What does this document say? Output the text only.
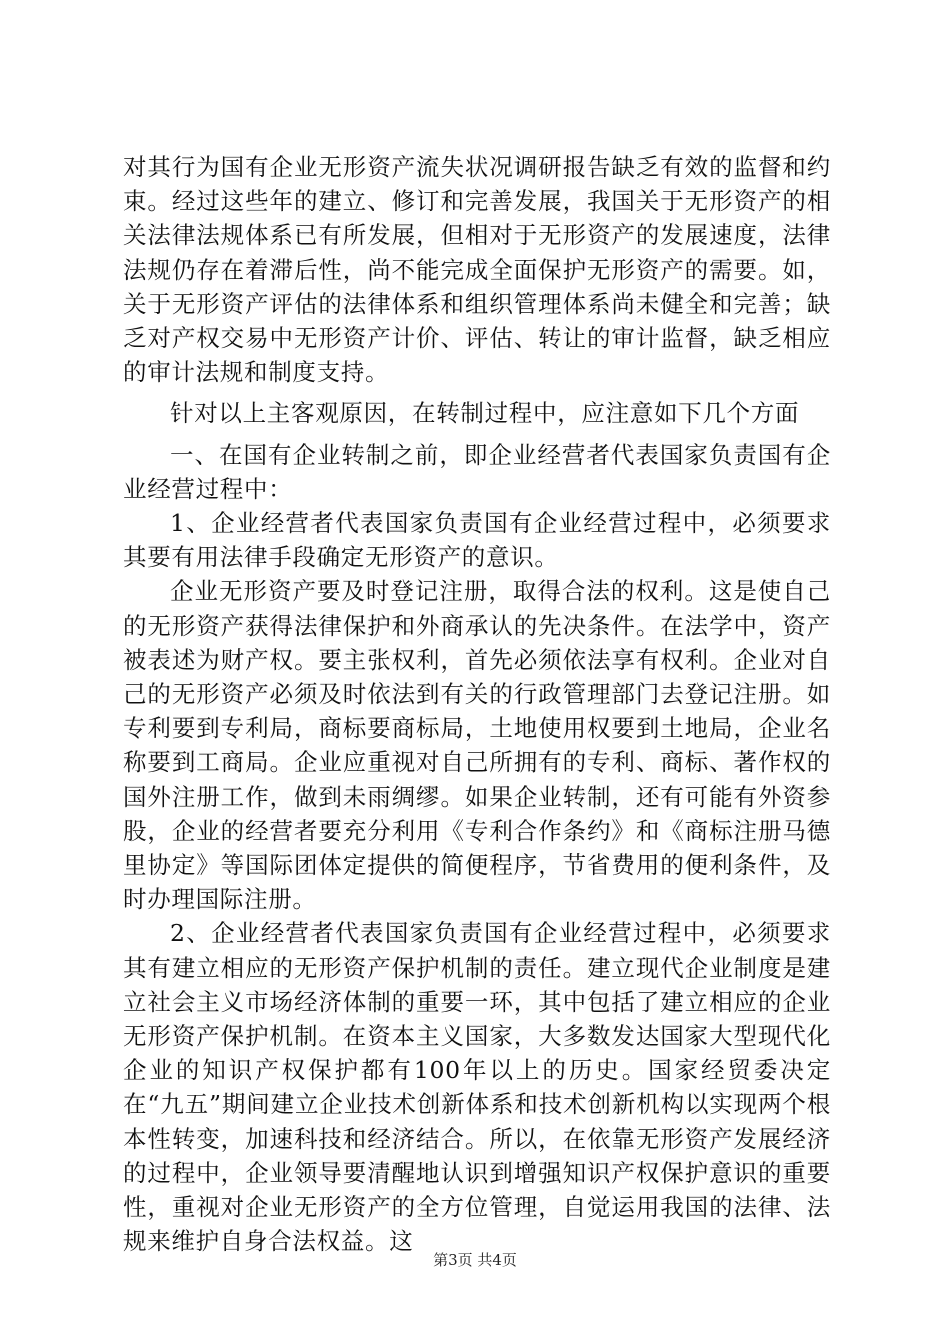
对其行为国有企业无形资产流失状况调研报告缺乏有效的监督和约束。经过这些年的建立、修订和完善发展，我国关于无形资产的相关法律法规体系已有所发展，但相对于无形资产的发展速度，法律法规仍存在着滞后性，尚不能完成全面保护无形资产的需要。如，关于无形资产评估的法律体系和组织管理体系尚未健全和完善；缺乏对产权交易中无形资产计价、评估、转让的审计监督，缺乏相应的审计法规和制度支持。

针对以上主客观原因，在转制过程中，应注意如下几个方面

一、在国有企业转制之前，即企业经营者代表国家负责国有企业经营过程中：

1、企业经营者代表国家负责国有企业经营过程中，必须要求其要有用法律手段确定无形资产的意识。

企业无形资产要及时登记注册，取得合法的权利。这是使自己的无形资产获得法律保护和外商承认的先决条件。在法学中，资产被表述为财产权。要主张权利，首先必须依法享有权利。企业对自己的无形资产必须及时依法到有关的行政管理部门去登记注册。如专利要到专利局，商标要商标局，土地使用权要到土地局，企业名称要到工商局。企业应重视对自己所拥有的专利、商标、著作权的国外注册工作，做到未雨绸缪。如果企业转制，还有可能有外资参股，企业的经营者要充分利用《专利合作条约》和《商标注册马德里协定》等国际团体定提供的简便程序，节省费用的便利条件，及时办理国际注册。

2、企业经营者代表国家负责国有企业经营过程中，必须要求其有建立相应的无形资产保护机制的责任。建立现代企业制度是建立社会主义市场经济体制的重要一环，其中包括了建立相应的企业无形资产保护机制。在资本主义国家，大多数发达国家大型现代化企业的知识产权保护都有100年以上的历史。国家经贸委决定在“九五”期间建立企业技术创新体系和技术创新机构以实现两个根本性转变，加速科技和经济结合。所以，在依靠无形资产发展经济的过程中，企业领导要清醒地认识到增强知识产权保护意识的重要性，重视对企业无形资产的全方位管理，自觉运用我国的法律、法规来维护自身合法权益。这

第3页 共4页
